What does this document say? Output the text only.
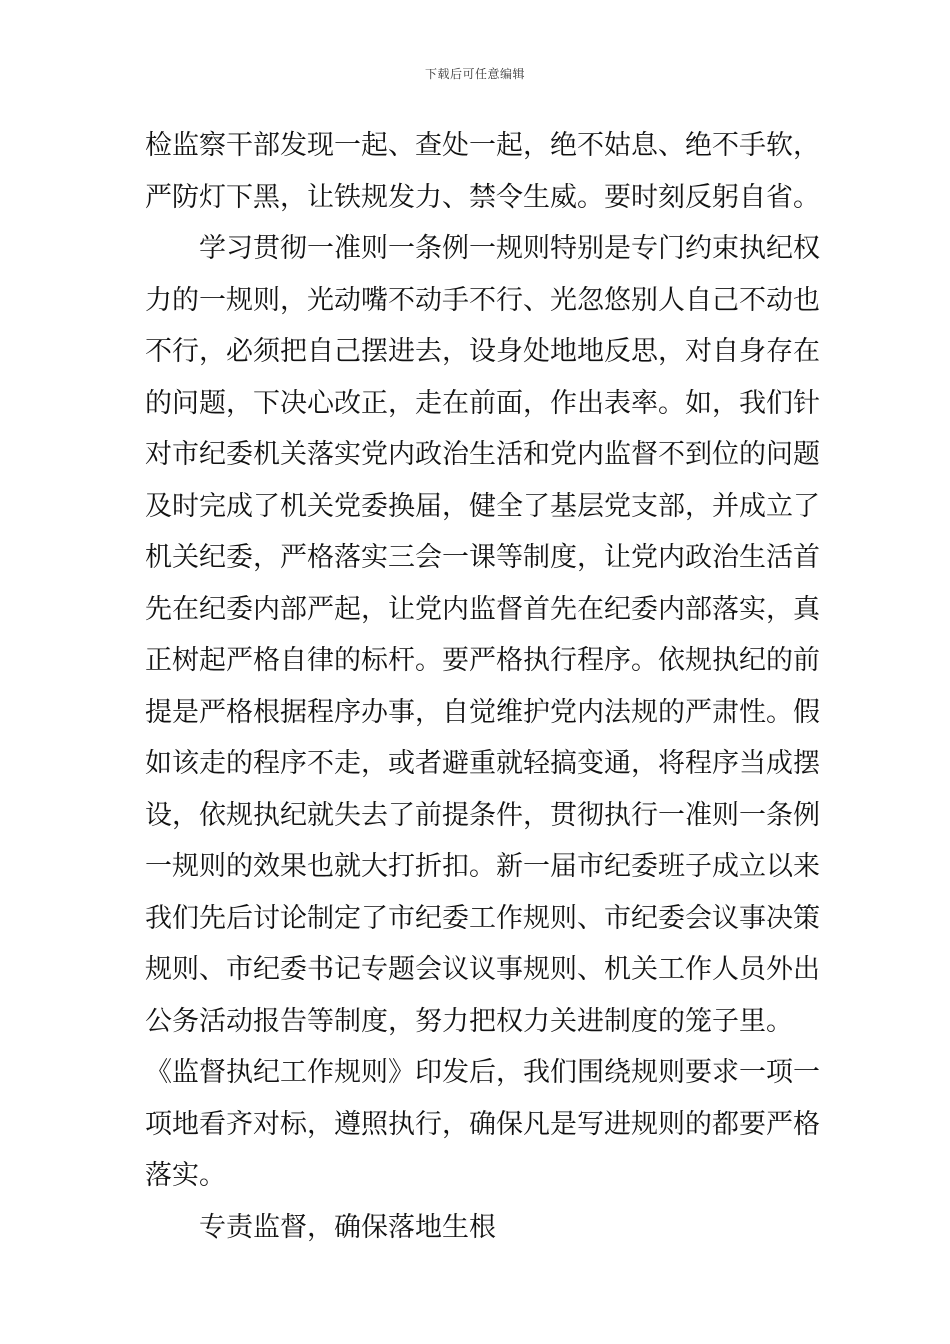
下载后可任意编辑
检监察干部发现一起、查处一起，绝不姑息、绝不手软，
严防灯下黑，让铁规发力、禁令生威。要时刻反躬自省。
学习贯彻一准则一条例一规则特别是专门约束执纪权
力的一规则，光动嘴不动手不行、光忽悠别人自己不动也
不行，必须把自己摆进去，设身处地地反思，对自身存在
的问题，下决心改正，走在前面，作出表率。如，我们针
对市纪委机关落实党内政治生活和党内监督不到位的问题
及时完成了机关党委换届，健全了基层党支部，并成立了
机关纪委，严格落实三会一课等制度，让党内政治生活首
先在纪委内部严起，让党内监督首先在纪委内部落实，真
正树起严格自律的标杆。要严格执行程序。依规执纪的前
提是严格根据程序办事，自觉维护党内法规的严肃性。假
如该走的程序不走，或者避重就轻搞变通，将程序当成摆
设，依规执纪就失去了前提条件，贯彻执行一准则一条例
一规则的效果也就大打折扣。新一届市纪委班子成立以来
我们先后讨论制定了市纪委工作规则、市纪委会议事决策
规则、市纪委书记专题会议议事规则、机关工作人员外出
公务活动报告等制度，努力把权力关进制度的笼子里。
《监督执纪工作规则》印发后，我们围绕规则要求一项一
项地看齐对标，遵照执行，确保凡是写进规则的都要严格
落实。
专责监督，确保落地生根
